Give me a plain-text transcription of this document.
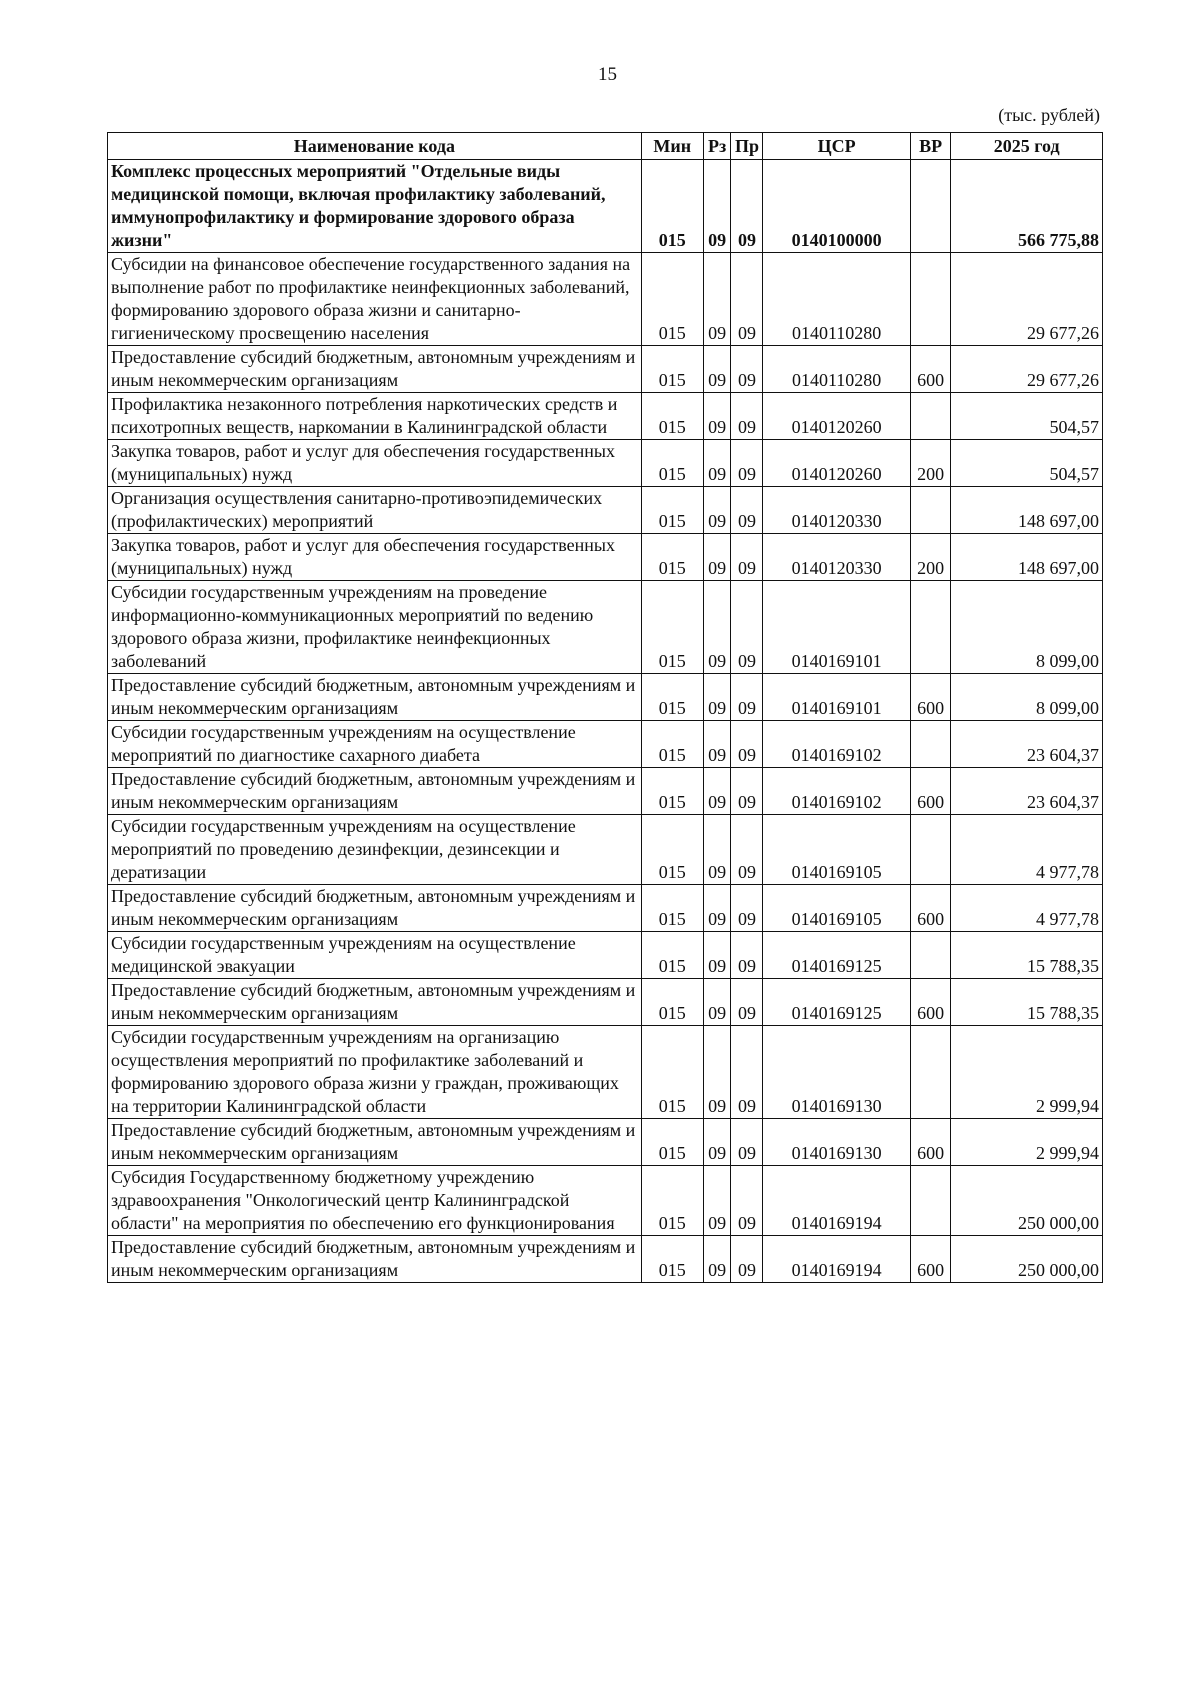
15
(тыс. рублей)
Наименование кода	Мин	Рз	Пр	ЦСР	ВР	2025 год
Комплекс процессных мероприятий "Отдельные виды медицинской помощи, включая профилактику заболеваний, иммунопрофилактику и формирование здорового образа жизни"	015	09	09	0140100000		566 775,88
Субсидии на финансовое обеспечение государственного задания на выполнение работ по профилактике неинфекционных заболеваний, формированию здорового образа жизни и санитарно-гигиеническому просвещению населения	015	09	09	0140110280		29 677,26
Предоставление субсидий бюджетным, автономным учреждениям и иным некоммерческим организациям	015	09	09	0140110280	600	29 677,26
Профилактика незаконного потребления наркотических средств и психотропных веществ, наркомании в Калининградской области	015	09	09	0140120260		504,57
Закупка товаров, работ и услуг для обеспечения государственных (муниципальных) нужд	015	09	09	0140120260	200	504,57
Организация осуществления санитарно-противоэпидемических (профилактических) мероприятий	015	09	09	0140120330		148 697,00
Закупка товаров, работ и услуг для обеспечения государственных (муниципальных) нужд	015	09	09	0140120330	200	148 697,00
Субсидии государственным учреждениям на проведение информационно-коммуникационных мероприятий по ведению здорового образа жизни, профилактике неинфекционных заболеваний	015	09	09	0140169101		8 099,00
Предоставление субсидий бюджетным, автономным учреждениям и иным некоммерческим организациям	015	09	09	0140169101	600	8 099,00
Субсидии государственным учреждениям на осуществление мероприятий по диагностике сахарного диабета	015	09	09	0140169102		23 604,37
Предоставление субсидий бюджетным, автономным учреждениям и иным некоммерческим организациям	015	09	09	0140169102	600	23 604,37
Субсидии государственным учреждениям на осуществление мероприятий по проведению дезинфекции, дезинсекции и дератизации	015	09	09	0140169105		4 977,78
Предоставление субсидий бюджетным, автономным учреждениям и иным некоммерческим организациям	015	09	09	0140169105	600	4 977,78
Субсидии государственным учреждениям на осуществление медицинской эвакуации	015	09	09	0140169125		15 788,35
Предоставление субсидий бюджетным, автономным учреждениям и иным некоммерческим организациям	015	09	09	0140169125	600	15 788,35
Субсидии государственным учреждениям на организацию осуществления мероприятий по профилактике заболеваний и формированию здорового образа жизни у граждан, проживающих на территории Калининградской области	015	09	09	0140169130		2 999,94
Предоставление субсидий бюджетным, автономным учреждениям и иным некоммерческим организациям	015	09	09	0140169130	600	2 999,94
Субсидия Государственному бюджетному учреждению здравоохранения "Онкологический центр Калининградской области" на мероприятия по обеспечению его функционирования	015	09	09	0140169194		250 000,00
Предоставление субсидий бюджетным, автономным учреждениям и иным некоммерческим организациям	015	09	09	0140169194	600	250 000,00
